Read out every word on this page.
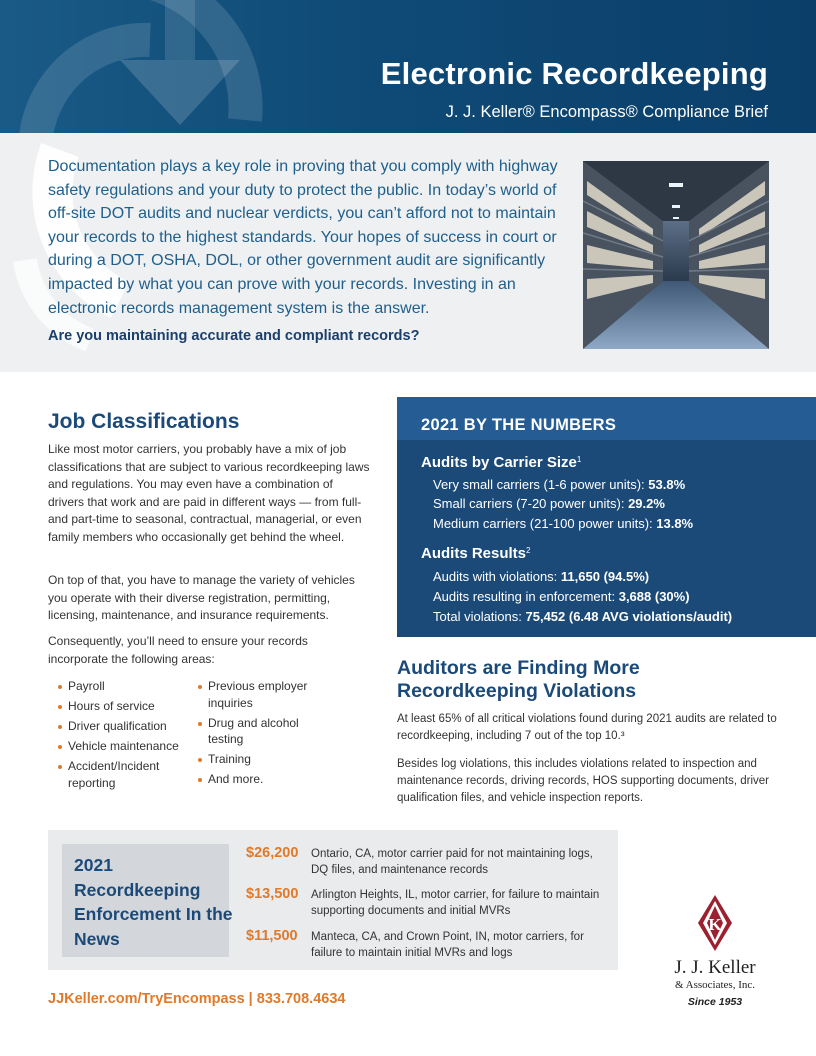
Electronic Recordkeeping
J. J. Keller® Encompass® Compliance Brief
Documentation plays a key role in proving that you comply with highway safety regulations and your duty to protect the public. In today’s world of off-site DOT audits and nuclear verdicts, you can’t afford not to maintain your records to the highest standards. Your hopes of success in court or during a DOT, OSHA, DOL, or other government audit are significantly impacted by what you can prove with your records. Investing in an electronic records management system is the answer.
Are you maintaining accurate and compliant records?
Job Classifications
Like most motor carriers, you probably have a mix of job classifications that are subject to various recordkeeping laws and regulations. You may even have a combination of drivers that work and are paid in different ways — from full- and part-time to seasonal, contractual, managerial, or even family members who occasionally get behind the wheel.
On top of that, you have to manage the variety of vehicles you operate with their diverse registration, permitting, licensing, maintenance, and insurance requirements.
Consequently, you’ll need to ensure your records incorporate the following areas:
Payroll
Hours of service
Driver qualification
Vehicle maintenance
Accident/Incident reporting
Previous employer inquiries
Drug and alcohol testing
Training
And more.
2021 BY THE NUMBERS
Audits by Carrier Size$^1$
Very small carriers (1-6 power units): 53.8%
Small carriers (7-20 power units): 29.2%
Medium carriers (21-100 power units): 13.8%
Audits Results$^2$
Audits with violations: 11,650 (94.5%)
Audits resulting in enforcement: 3,688 (30%)
Total violations: 75,452 (6.48 AVG violations/audit)
Auditors are Finding More Recordkeeping Violations
At least 65% of all critical violations found during 2021 audits are related to recordkeeping, including 7 out of the top 10.³
Besides log violations, this includes violations related to inspection and maintenance records, driving records, HOS supporting documents, driver qualification files, and vehicle inspection reports.
2021 Recordkeeping Enforcement In the News
$26,200 Ontario, CA, motor carrier paid for not maintaining logs, DQ files, and maintenance records
$13,500 Arlington Heights, IL, motor carrier, for failure to maintain supporting documents and initial MVRs
$11,500 Manteca, CA, and Crown Point, IN, motor carriers, for failure to maintain initial MVRs and logs
JJKeller.com/TryEncompass | 833.708.4634
K
J. J. Keller
& Associates, Inc.
Since 1953
